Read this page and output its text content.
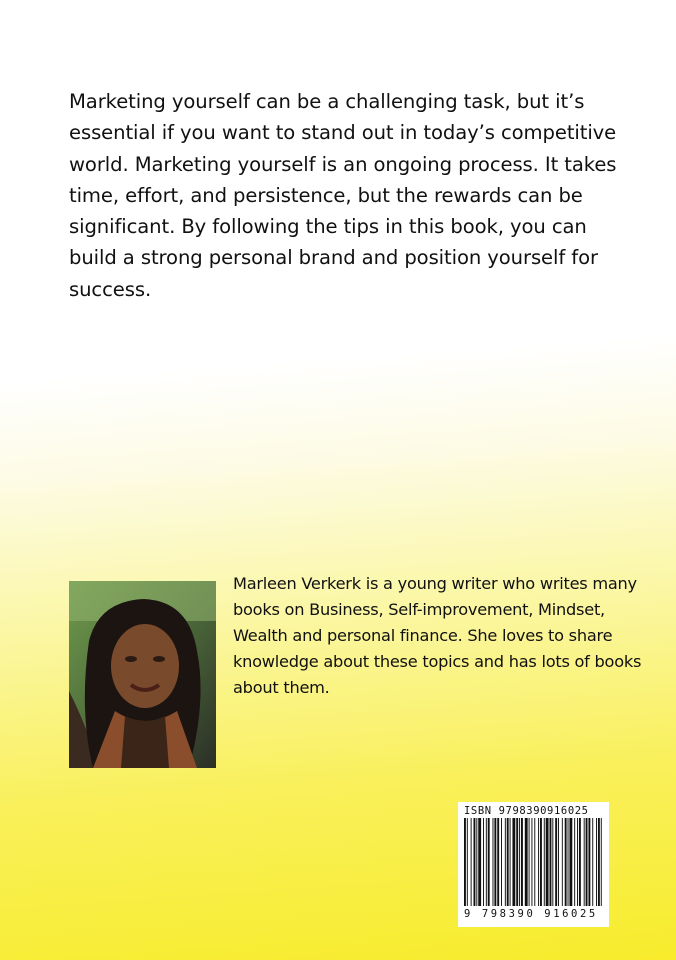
Marketing yourself can be a challenging task, but it’s essential if you want to stand out in today’s competitive world. Marketing yourself is an ongoing process. It takes time, effort, and persistence, but the rewards can be significant. By following the tips in this book, you can build a strong personal brand and position yourself for success.

Marleen Verkerk is a young writer who writes many books on Business, Self-improvement, Mindset, Wealth and personal finance. She loves to share knowledge about these topics and has lots of books about them.

ISBN 9798390916025
9 798390 916025
